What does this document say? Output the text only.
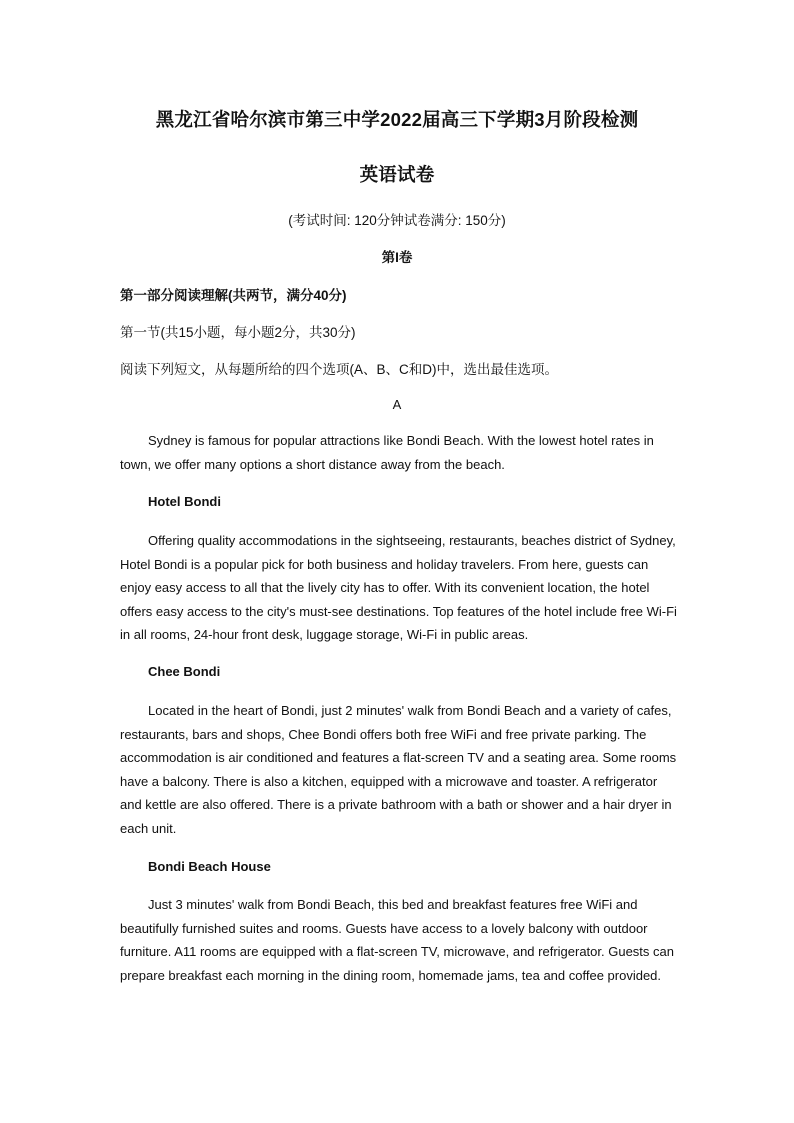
黑龙江省哈尔滨市第三中学2022届高三下学期3月阶段检测
英语试卷
(考试时间: 120分钟试卷满分: 150分)
第I卷
第一部分阅读理解(共两节，满分40分)
第一节(共15小题，每小题2分，共30分)
阅读下列短文，从每题所给的四个选项(A、B、C和D)中，选出最佳选项。
A

Sydney is famous for popular attractions like Bondi Beach. With the lowest hotel rates in town, we offer many options a short distance away from the beach.

Hotel Bondi

Offering quality accommodations in the sightseeing, restaurants, beaches district of Sydney, Hotel Bondi is a popular pick for both business and holiday travelers. From here, guests can enjoy easy access to all that the lively city has to offer. With its convenient location, the hotel offers easy access to the city's must-see destinations. Top features of the hotel include free Wi-Fi in all rooms, 24-hour front desk, luggage storage, Wi-Fi in public areas.

Chee Bondi

Located in the heart of Bondi, just 2 minutes' walk from Bondi Beach and a variety of cafes, restaurants, bars and shops, Chee Bondi offers both free WiFi and free private parking. The accommodation is air conditioned and features a flat-screen TV and a seating area. Some rooms have a balcony. There is also a kitchen, equipped with a microwave and toaster. A refrigerator and kettle are also offered. There is a private bathroom with a bath or shower and a hair dryer in each unit.

Bondi Beach House

Just 3 minutes' walk from Bondi Beach, this bed and breakfast features free WiFi and beautifully furnished suites and rooms. Guests have access to a lovely balcony with outdoor furniture. A11 rooms are equipped with a flat-screen TV, microwave, and refrigerator. Guests can prepare breakfast each morning in the dining room, homemade jams, tea and coffee provided.
